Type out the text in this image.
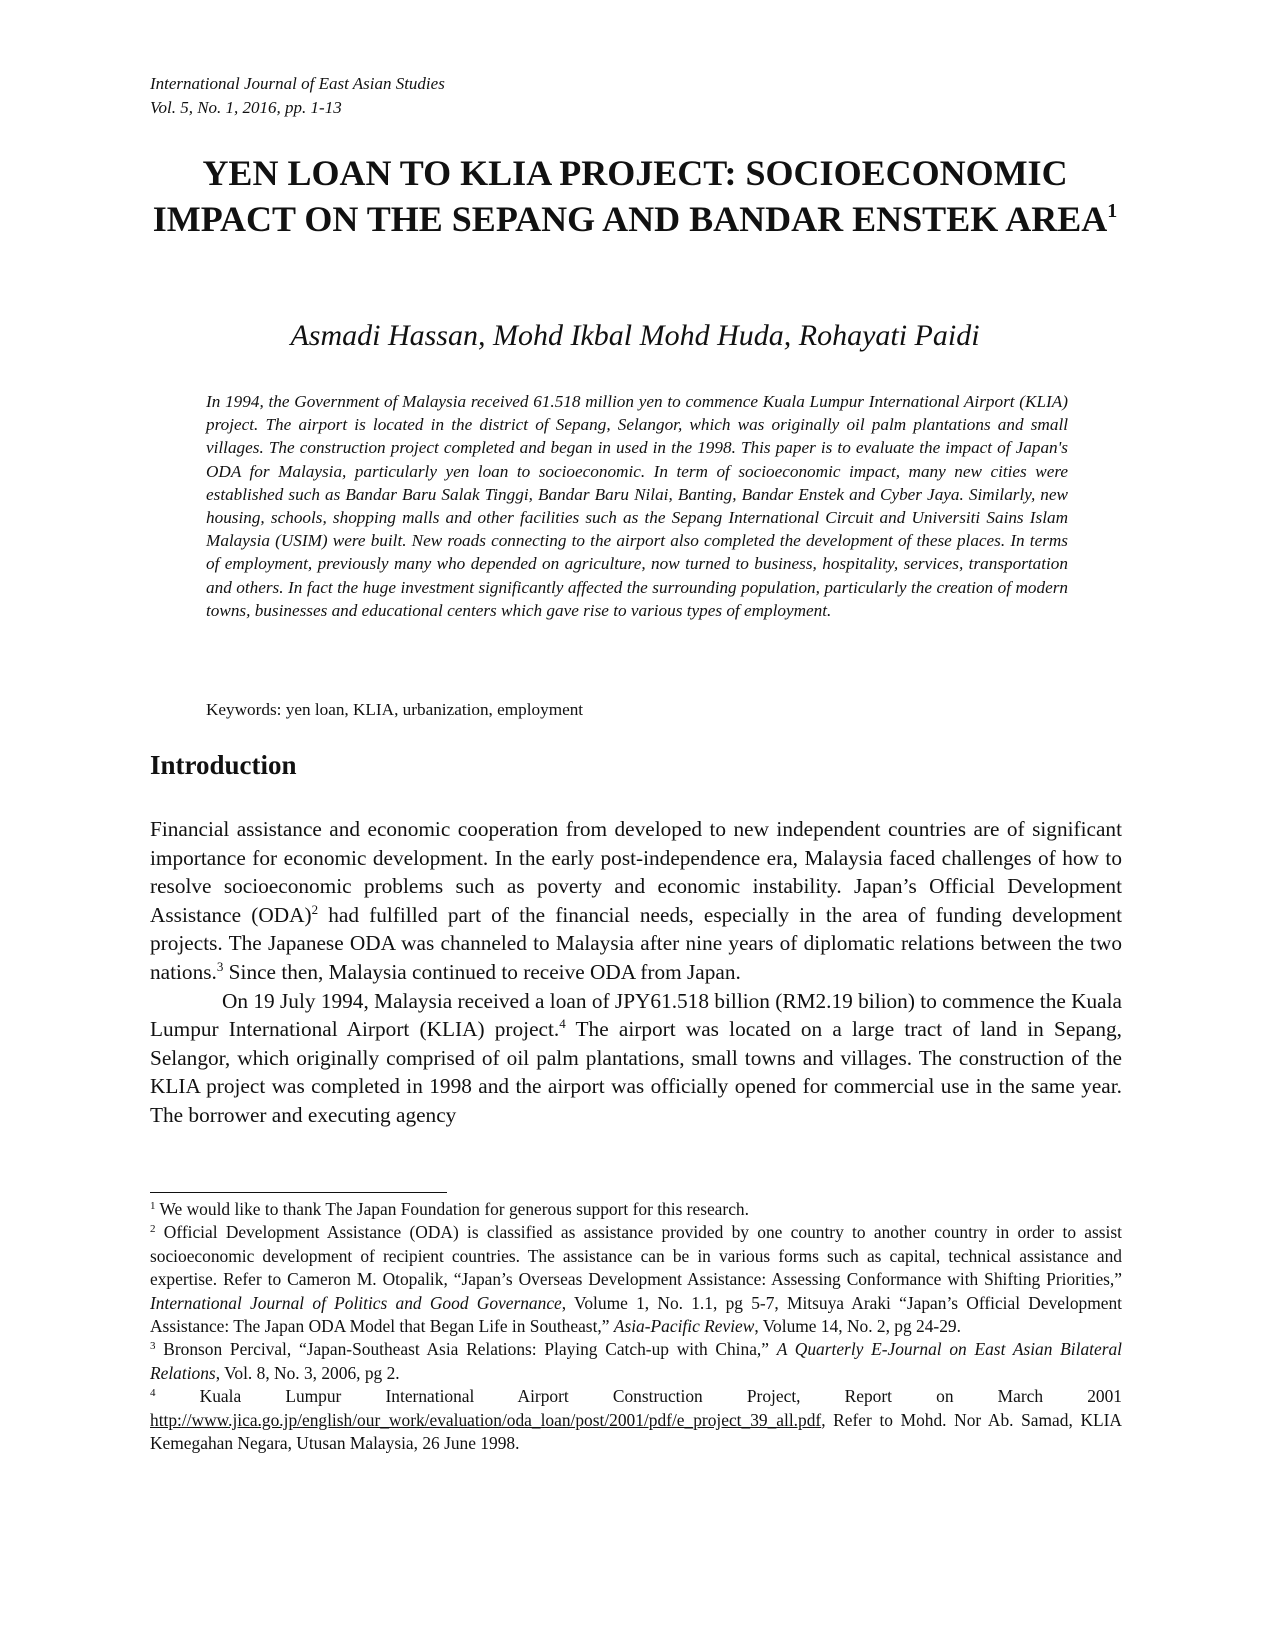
International Journal of East Asian Studies
Vol. 5, No. 1, 2016, pp. 1-13
YEN LOAN TO KLIA PROJECT: SOCIOECONOMIC IMPACT ON THE SEPANG AND BANDAR ENSTEK AREA$^1$
Asmadi Hassan, Mohd Ikbal Mohd Huda, Rohayati Paidi
In 1994, the Government of Malaysia received 61.518 million yen to commence Kuala Lumpur International Airport (KLIA) project. The airport is located in the district of Sepang, Selangor, which was originally oil palm plantations and small villages. The construction project completed and began in used in the 1998. This paper is to evaluate the impact of Japan's ODA for Malaysia, particularly yen loan to socioeconomic. In term of socioeconomic impact, many new cities were established such as Bandar Baru Salak Tinggi, Bandar Baru Nilai, Banting, Bandar Enstek and Cyber Jaya. Similarly, new housing, schools, shopping malls and other facilities such as the Sepang International Circuit and Universiti Sains Islam Malaysia (USIM) were built. New roads connecting to the airport also completed the development of these places. In terms of employment, previously many who depended on agriculture, now turned to business, hospitality, services, transportation and others. In fact the huge investment significantly affected the surrounding population, particularly the creation of modern towns, businesses and educational centers which gave rise to various types of employment.
Keywords: yen loan, KLIA, urbanization, employment
Introduction

Financial assistance and economic cooperation from developed to new independent countries are of significant importance for economic development. In the early post-independence era, Malaysia faced challenges of how to resolve socioeconomic problems such as poverty and economic instability. Japan’s Official Development Assistance (ODA)$^2$ had fulfilled part of the financial needs, especially in the area of funding development projects. The Japanese ODA was channeled to Malaysia after nine years of diplomatic relations between the two nations.$^3$ Since then, Malaysia continued to receive ODA from Japan.

On 19 July 1994, Malaysia received a loan of JPY61.518 billion (RM2.19 bilion) to commence the Kuala Lumpur International Airport (KLIA) project.$^4$ The airport was located on a large tract of land in Sepang, Selangor, which originally comprised of oil palm plantations, small towns and villages. The construction of the KLIA project was completed in 1998 and the airport was officially opened for commercial use in the same year. The borrower and executing agency

$^1$ We would like to thank The Japan Foundation for generous support for this research.

$^2$ Official Development Assistance (ODA) is classified as assistance provided by one country to another country in order to assist socioeconomic development of recipient countries. The assistance can be in various forms such as capital, technical assistance and expertise. Refer to Cameron M. Otopalik, “Japan’s Overseas Development Assistance: Assessing Conformance with Shifting Priorities,” International Journal of Politics and Good Governance, Volume 1, No. 1.1, pg 5-7, Mitsuya Araki “Japan’s Official Development Assistance: The Japan ODA Model that Began Life in Southeast,” Asia-Pacific Review, Volume 14, No. 2, pg 24-29.

$^3$ Bronson Percival, “Japan-Southeast Asia Relations: Playing Catch-up with China,” A Quarterly E-Journal on East Asian Bilateral Relations, Vol. 8, No. 3, 2006, pg 2.

$^4$ Kuala Lumpur International Airport Construction Project, Report on March 2001

http://www.jica.go.jp/english/our_work/evaluation/oda_loan/post/2001/pdf/e_project_39_all.pdf, Refer to Mohd. Nor Ab. Samad, KLIA Kemegahan Negara, Utusan Malaysia, 26 June 1998.
